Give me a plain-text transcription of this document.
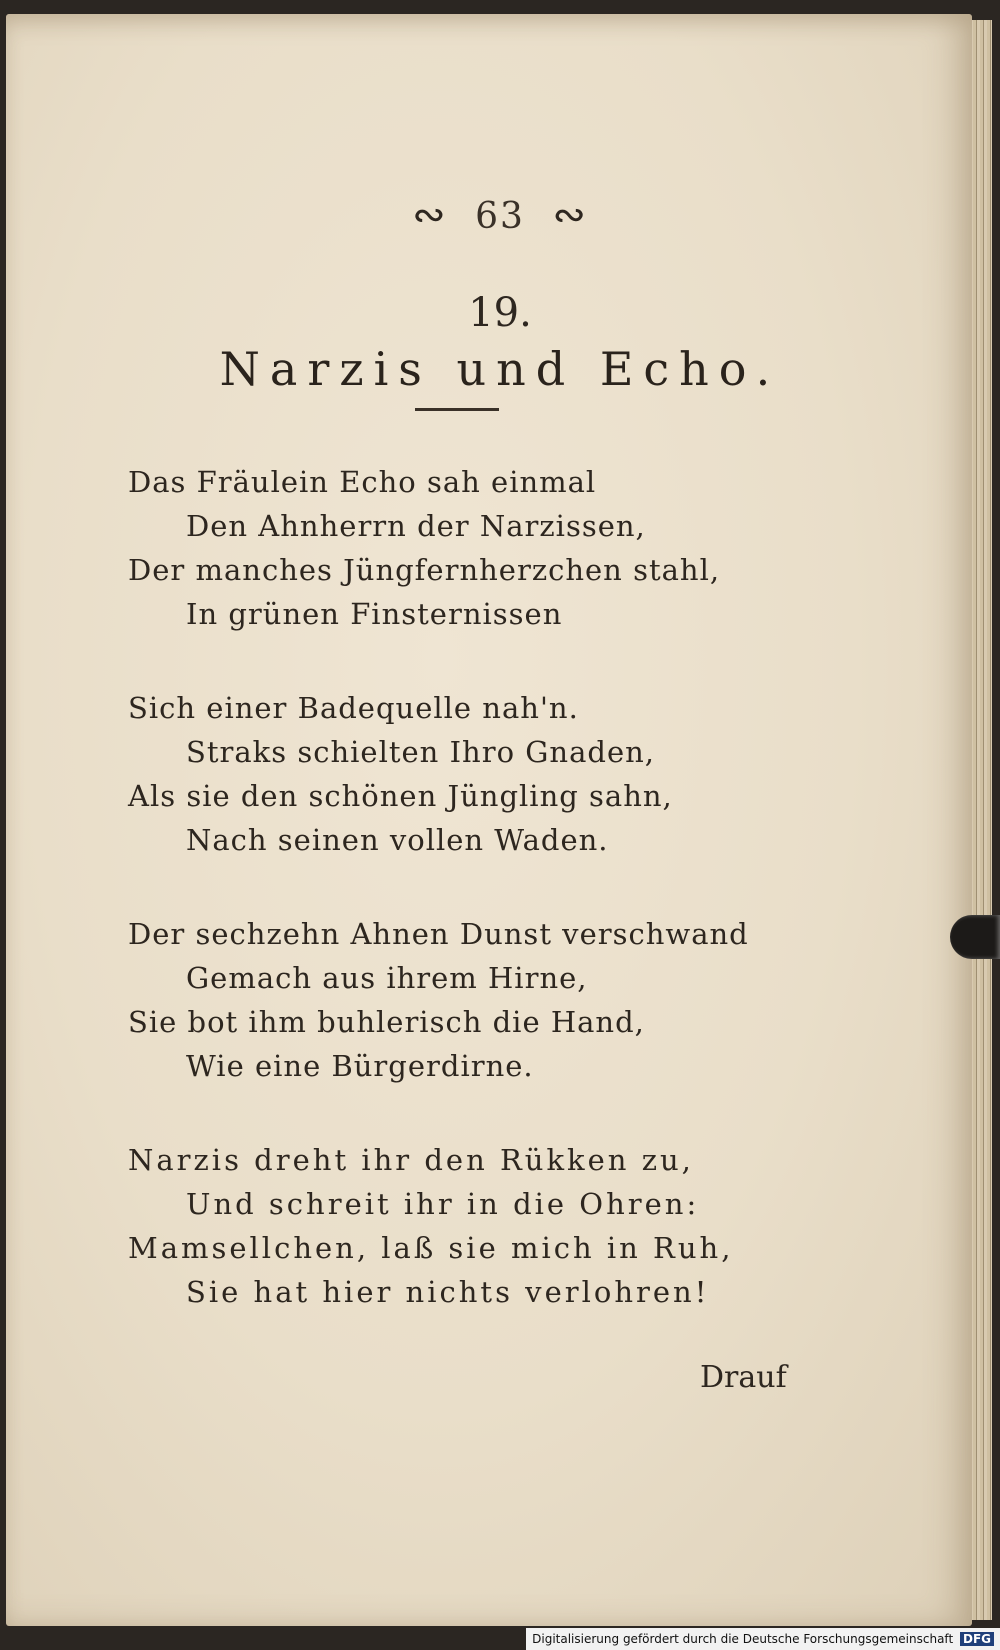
∾ 63 ∾
19.
Narzis und Echo.
Das Fräulein Echo sah einmal
Den Ahnherrn der Narzissen,
Der manches Jüngfernherzchen stahl,
In grünen Finsternissen
Sich einer Badequelle nah'n.
Straks schielten Ihro Gnaden,
Als sie den schönen Jüngling sahn,
Nach seinen vollen Waden.
Der sechzehn Ahnen Dunst verschwand
Gemach aus ihrem Hirne,
Sie bot ihm buhlerisch die Hand,
Wie eine Bürgerdirne.
Narzis dreht ihr den Rükken zu,
Und schreit ihr in die Ohren:
Mamsellchen, laß sie mich in Ruh,
Sie hat hier nichts verlohren!
Drauf
Digitalisierung gefördert durch die Deutsche Forschungsgemeinschaft DFG
